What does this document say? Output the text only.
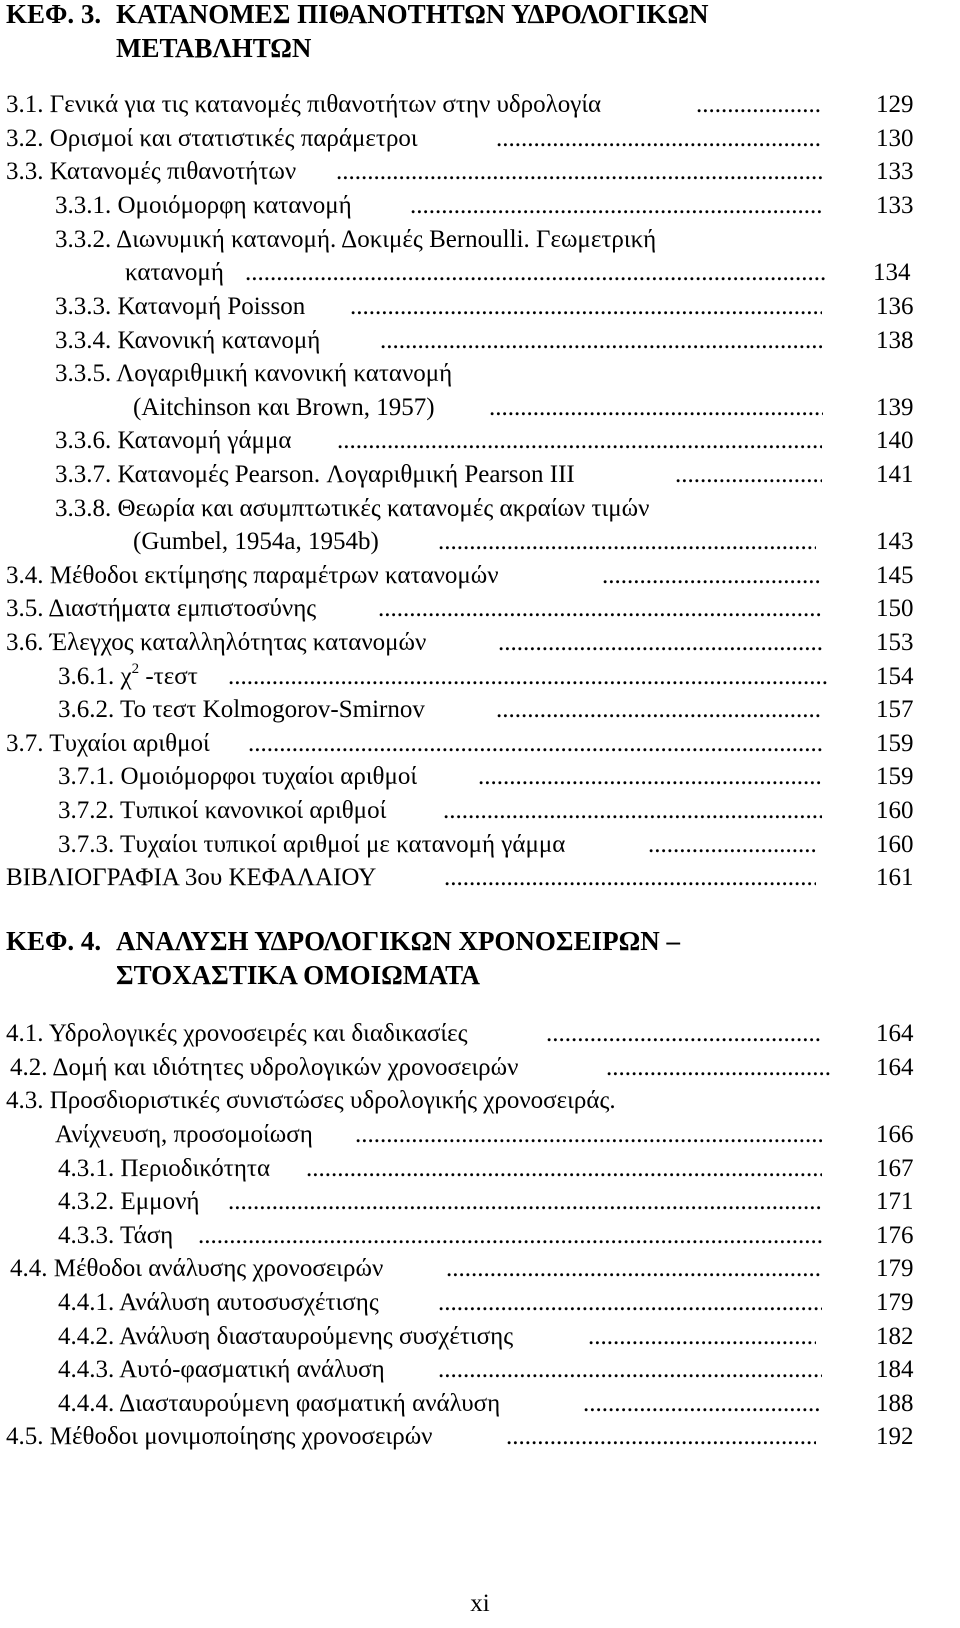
ΚΕΦ. 3. ΚΑΤΑΝΟΜΕΣ ΠΙΘΑΝΟΤΗΤΩΝ ΥΔΡΟΛΟΓΙΚΩΝ
ΜΕΤΑΒΛΗΤΩΝ
3.1. Γενικά για τις κατανομές πιθανοτήτων στην υδρολογία .....	129
3.2. Ορισμοί και στατιστικές παράμετροι .....	130
3.3. Κατανομές πιθανοτήτων .....	133
3.3.1. Ομοιόμορφη κατανομή .....	133
3.3.2. Διωνυμική κατανομή. Δοκιμές Bernoulli. Γεωμετρική
κατανομή .....	134
3.3.3. Κατανομή Poisson .....	136
3.3.4. Κανονική κατανομή .....	138
3.3.5. Λογαριθμική κανονική κατανομή
(Aitchinson και Brown, 1957) .....	139
3.3.6. Κατανομή γάμμα .....	140
3.3.7. Κατανομές Pearson. Λογαριθμική Pearson III .....	141
3.3.8. Θεωρία και ασυμπτωτικές κατανομές ακραίων τιμών
(Gumbel, 1954a, 1954b) .....	143
3.4. Μέθοδοι εκτίμησης παραμέτρων κατανομών .....	145
3.5. Διαστήματα εμπιστοσύνης .....	150
3.6. Έλεγχος καταλληλότητας κατανομών .....	153
3.6.1. $\chi^2$ -τεστ .....	154
3.6.2. Το τεστ Kolmogorov-Smirnov .....	157
3.7. Τυχαίοι αριθμοί .....	159
3.7.1. Ομοιόμορφοι τυχαίοι αριθμοί .....	159
3.7.2. Τυπικοί κανονικοί αριθμοί .....	160
3.7.3. Τυχαίοι τυπικοί αριθμοί με κατανομή γάμμα .....	160
ΒΙΒΛΙΟΓΡΑΦΙΑ 3ου ΚΕΦΑΛΑΙΟΥ .....	161
ΚΕΦ. 4. ΑΝΑΛΥΣΗ ΥΔΡΟΛΟΓΙΚΩΝ ΧΡΟΝΟΣΕΙΡΩΝ –
ΣΤΟΧΑΣΤΙΚΑ ΟΜΟΙΩΜΑΤΑ
4.1. Υδρολογικές χρονοσειρές και διαδικασίες .....	164
4.2. Δομή και ιδιότητες υδρολογικών χρονοσειρών .....	164
4.3. Προσδιοριστικές συνιστώσες υδρολογικής χρονοσειράς.
Ανίχνευση, προσομοίωση .....	166
4.3.1. Περιοδικότητα .....	167
4.3.2. Εμμονή .....	171
4.3.3. Τάση .....	176
4.4. Μέθοδοι ανάλυσης χρονοσειρών .....	179
4.4.1. Ανάλυση αυτοσυσχέτισης .....	179
4.4.2. Ανάλυση διασταυρούμενης συσχέτισης .....	182
4.4.3. Αυτό-φασματική ανάλυση .....	184
4.4.4. Διασταυρούμενη φασματική ανάλυση .....	188
4.5. Μέθοδοι μονιμοποίησης χρονοσειρών .....	192
xi
